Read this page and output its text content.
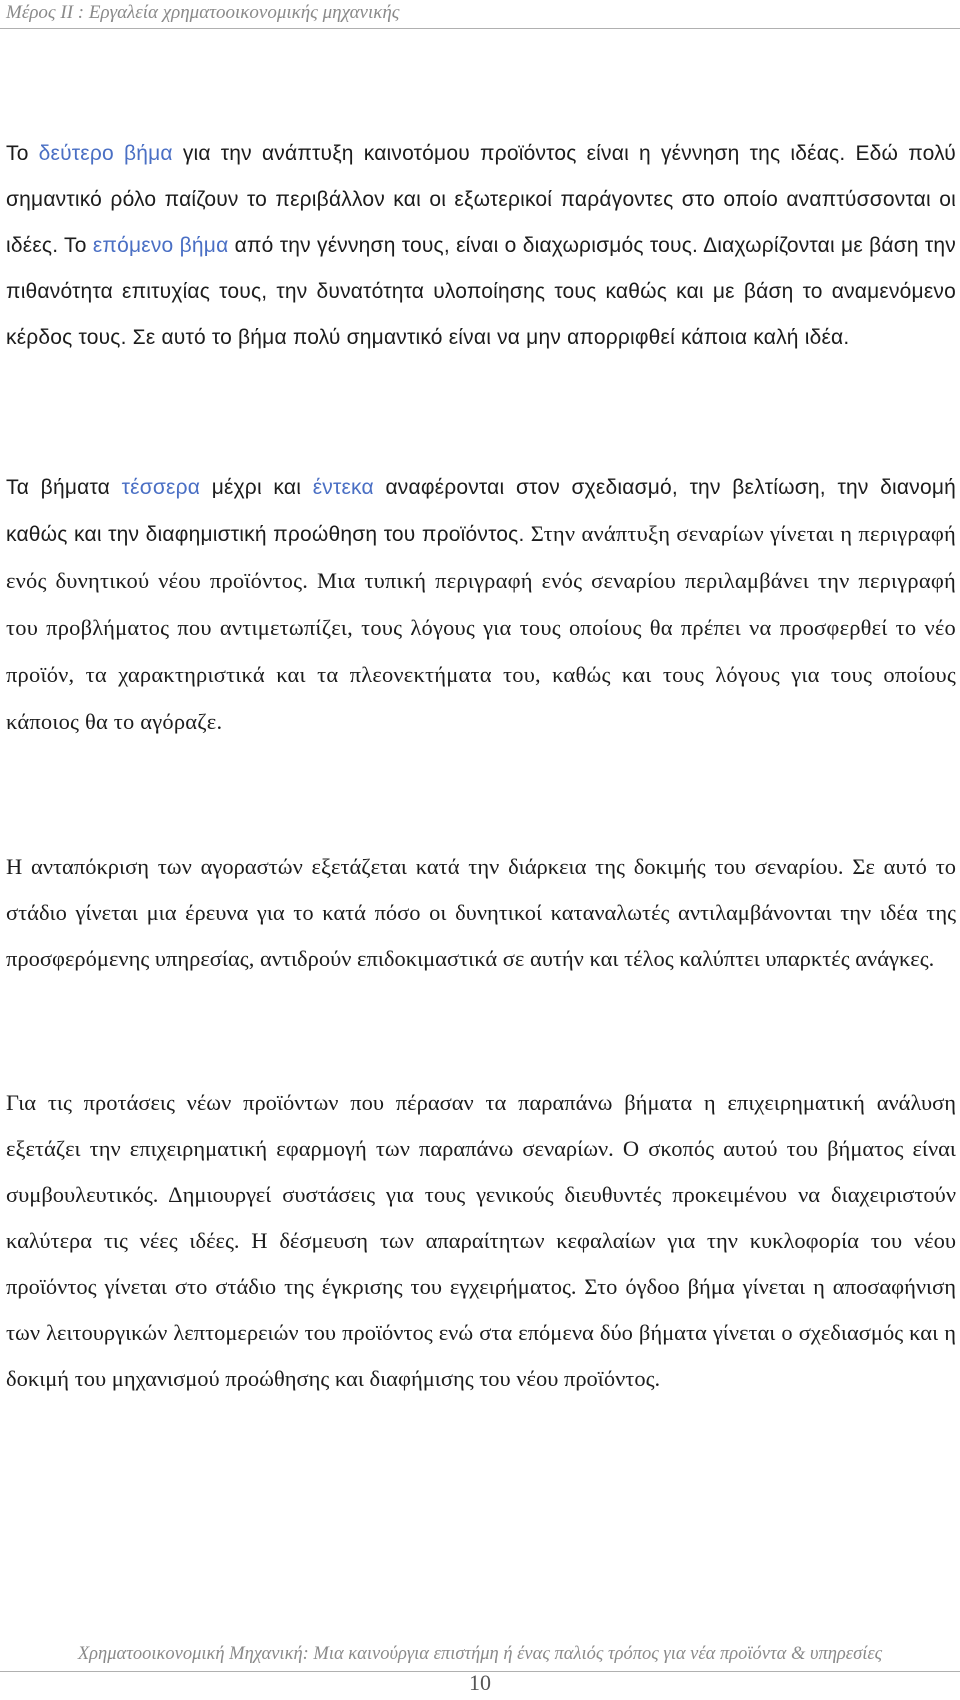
Μέρος ΙΙ : Εργαλεία χρηματοοικονομικής μηχανικής
Το δεύτερο βήμα για την ανάπτυξη καινοτόμου προϊόντος είναι η γέννηση της ιδέας. Εδώ πολύ σημαντικό ρόλο παίζουν το περιβάλλον και οι εξωτερικοί παράγοντες στο οποίο αναπτύσσονται οι ιδέες. Το επόμενο βήμα από την γέννηση τους, είναι ο διαχωρισμός τους. Διαχωρίζονται με βάση την πιθανότητα επιτυχίας τους, την δυνατότητα υλοποίησης τους καθώς και με βάση το αναμενόμενο κέρδος τους. Σε αυτό το βήμα πολύ σημαντικό είναι να μην απορριφθεί κάποια καλή ιδέα.
Τα βήματα τέσσερα μέχρι και έντεκα αναφέρονται στον σχεδιασμό, την βελτίωση, την διανομή καθώς και την διαφημιστική προώθηση του προϊόντος. Στην ανάπτυξη σεναρίων γίνεται η περιγραφή ενός δυνητικού νέου προϊόντος. Μια τυπική περιγραφή ενός σεναρίου περιλαμβάνει την περιγραφή του προβλήματος που αντιμετωπίζει, τους λόγους για τους οποίους θα πρέπει να προσφερθεί το νέο προϊόν, τα χαρακτηριστικά και τα πλεονεκτήματα του, καθώς και τους λόγους για τους οποίους κάποιος θα το αγόραζε.
Η ανταπόκριση των αγοραστών εξετάζεται κατά την διάρκεια της δοκιμής του σεναρίου. Σε αυτό το στάδιο γίνεται μια έρευνα για το κατά πόσο οι δυνητικοί καταναλωτές αντιλαμβάνονται την ιδέα της προσφερόμενης υπηρεσίας, αντιδρούν επιδοκιμαστικά σε αυτήν και τέλος καλύπτει υπαρκτές ανάγκες.
Για τις προτάσεις νέων προϊόντων που πέρασαν τα παραπάνω βήματα η επιχειρηματική ανάλυση εξετάζει την επιχειρηματική εφαρμογή των παραπάνω σεναρίων. Ο σκοπός αυτού του βήματος είναι συμβουλευτικός. Δημιουργεί συστάσεις για τους γενικούς διευθυντές προκειμένου να διαχειριστούν καλύτερα τις νέες ιδέες. Η δέσμευση των απαραίτητων κεφαλαίων για την κυκλοφορία του νέου προϊόντος γίνεται στο στάδιο της έγκρισης του εγχειρήματος. Στο όγδοο βήμα γίνεται η αποσαφήνιση των λειτουργικών λεπτομερειών του προϊόντος ενώ στα επόμενα δύο βήματα γίνεται ο σχεδιασμός και η δοκιμή του μηχανισμού προώθησης και διαφήμισης του νέου προϊόντος.
Χρηματοοικονομική Μηχανική: Μια καινούργια επιστήμη ή ένας παλιός τρόπος για νέα προϊόντα & υπηρεσίες
10
